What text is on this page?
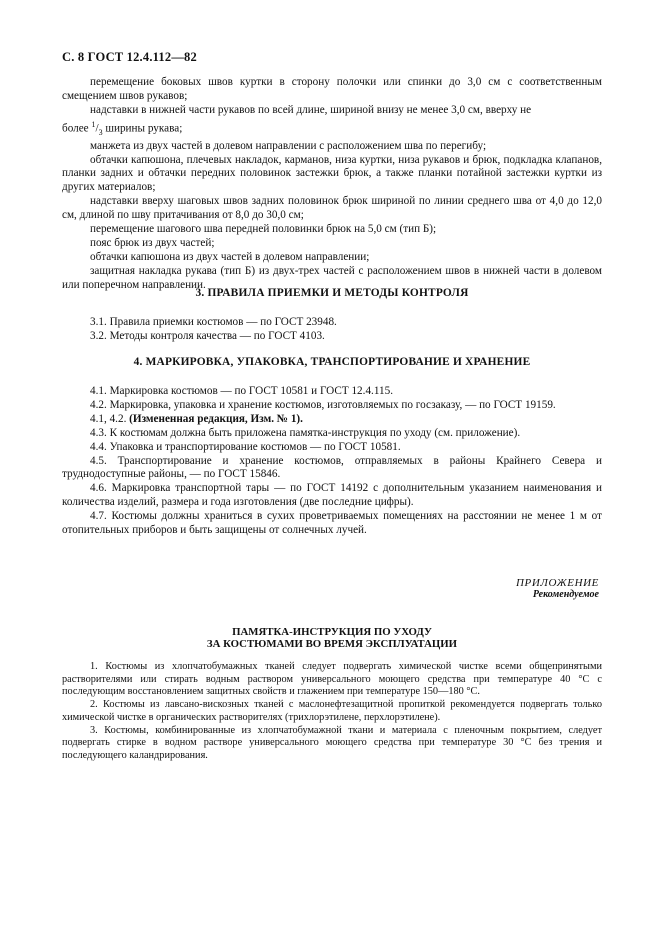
С. 8 ГОСТ 12.4.112—82

перемещение боковых швов куртки в сторону полочки или спинки до 3,0 см с соответственным смещением швов рукавов;

надставки в нижней части рукавов по всей длине, шириной внизу не менее 3,0 см, вверху не

более $^1/_3$ ширины рукава;

манжета из двух частей в долевом направлении с расположением шва по перегибу;

обтачки капюшона, плечевых накладок, карманов, низа куртки, низа рукавов и брюк, подкладка клапанов, планки задних и обтачки передних половинок застежки брюк, а также планки потайной застежки куртки из других материалов;

надставки вверху шаговых швов задних половинок брюк шириной по линии среднего шва от 4,0 до 12,0 см, длиной по шву притачивания от 8,0 до 30,0 см;

перемещение шагового шва передней половинки брюк на 5,0 см (тип Б);

пояс брюк из двух частей;

обтачки капюшона из двух частей в долевом направлении;

защитная накладка рукава (тип Б) из двух-трех частей с расположением швов в нижней части в долевом или поперечном направлении.

3. ПРАВИЛА ПРИЕМКИ И МЕТОДЫ КОНТРОЛЯ

3.1. Правила приемки костюмов — по ГОСТ 23948.

3.2. Методы контроля качества — по ГОСТ 4103.

4. МАРКИРОВКА, УПАКОВКА, ТРАНСПОРТИРОВАНИЕ И ХРАНЕНИЕ

4.1. Маркировка костюмов — по ГОСТ 10581 и ГОСТ 12.4.115.

4.2. Маркировка, упаковка и хранение костюмов, изготовляемых по госзаказу, — по ГОСТ 19159.

4.1, 4.2. (Измененная редакция, Изм. № 1).

4.3. К костюмам должна быть приложена памятка-инструкция по уходу (см. приложение).

4.4. Упаковка и транспортирование костюмов — по ГОСТ 10581.

4.5. Транспортирование и хранение костюмов, отправляемых в районы Крайнего Севера и труднодоступные районы, — по ГОСТ 15846.

4.6. Маркировка транспортной тары — по ГОСТ 14192 с дополнительным указанием наименования и количества изделий, размера и года изготовления (две последние цифры).

4.7. Костюмы должны храниться в сухих проветриваемых помещениях на расстоянии не менее 1 м от отопительных приборов и быть защищены от солнечных лучей.

ПРИЛОЖЕНИЕ
Рекомендуемое
ПАМЯТКА-ИНСТРУКЦИЯ ПО УХОДУ
ЗА КОСТЮМАМИ ВО ВРЕМЯ ЭКСПЛУАТАЦИИ

1. Костюмы из хлопчатобумажных тканей следует подвергать химической чистке всеми общепринятыми растворителями или стирать водным раствором универсального моющего средства при температуре 40 °С с последующим восстановлением защитных свойств и глажением при температуре 150—180 °С.

2. Костюмы из лавсано-вискозных тканей с маслонефтезащитной пропиткой рекомендуется подвергать только химической чистке в органических растворителях (трихлорэтилене, перхлорэтилене).

3. Костюмы, комбинированные из хлопчатобумажной ткани и материала с пленочным покрытием, следует подвергать стирке в водном растворе универсального моющего средства при температуре 30 °С без трения и последующего каландрирования.
